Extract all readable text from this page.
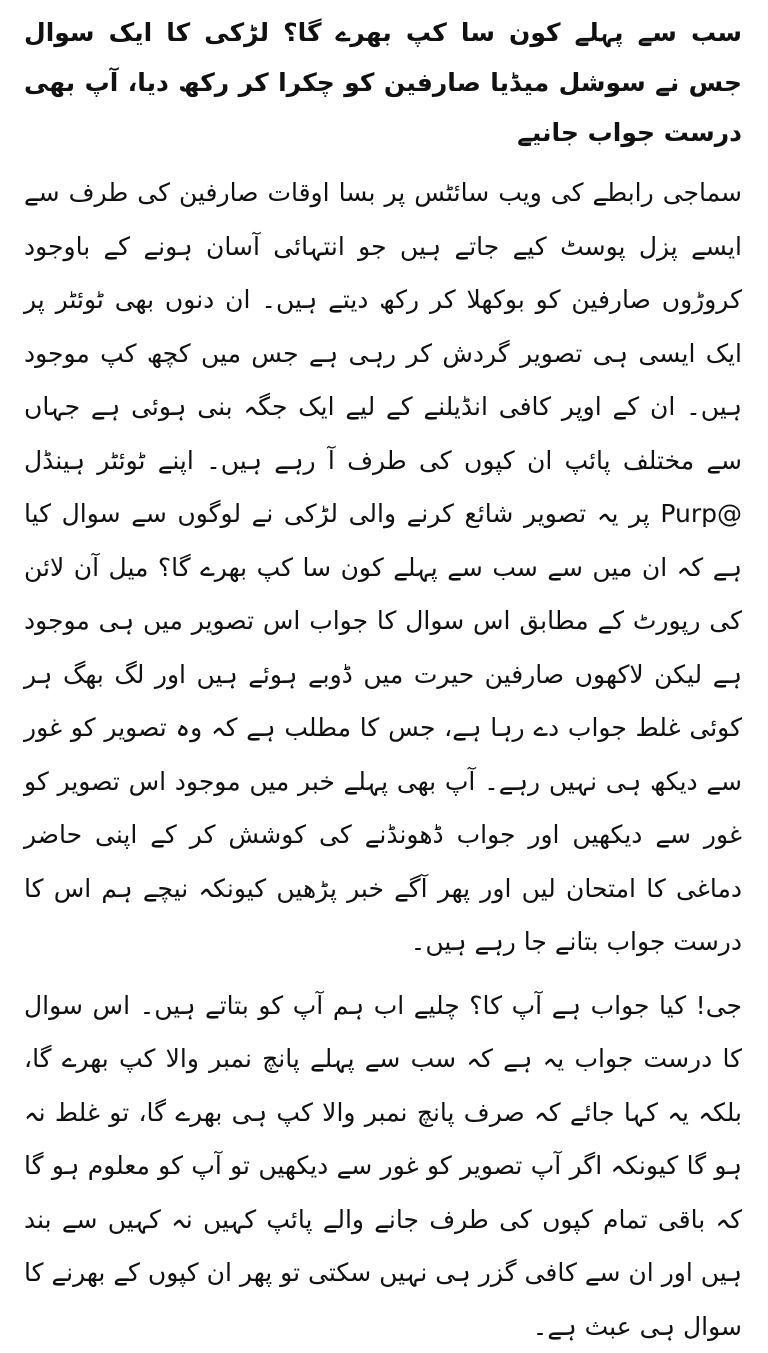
سب سے پہلے کون سا کپ بھرے گا؟ لڑکی کا ایک سوال جس نے سوشل میڈیا صارفین کو چکرا کر رکھ دیا، آپ بھی درست جواب جانیے

سماجی رابطے کی ویب سائٹس پر بسا اوقات صارفین کی طرف سے ایسے پزل پوسٹ کیے جاتے ہیں جو انتہائی آسان ہونے کے باوجود کروڑوں صارفین کو بوکھلا کر رکھ دیتے ہیں۔ ان دنوں بھی ٹوئٹر پر ایک ایسی ہی تصویر گردش کر رہی ہے جس میں کچھ کپ موجود ہیں۔ ان کے اوپر کافی انڈیلنے کے لیے ایک جگہ بنی ہوئی ہے جہاں سے مختلف پائپ ان کپوں کی طرف آ رہے ہیں۔ اپنے ٹوئٹر ہینڈل @Purp پر یہ تصویر شائع کرنے والی لڑکی نے لوگوں سے سوال کیا ہے کہ ان میں سے سب سے پہلے کون سا کپ بھرے گا؟ میل آن لائن کی رپورٹ کے مطابق اس سوال کا جواب اس تصویر میں ہی موجود ہے لیکن لاکھوں صارفین حیرت میں ڈوبے ہوئے ہیں اور لگ بھگ ہر کوئی غلط جواب دے رہا ہے، جس کا مطلب ہے کہ وہ تصویر کو غور سے دیکھ ہی نہیں رہے۔ آپ بھی پہلے خبر میں موجود اس تصویر کو غور سے دیکھیں اور جواب ڈھونڈنے کی کوشش کر کے اپنی حاضر دماغی کا امتحان لیں اور پھر آگے خبر پڑھیں کیونکہ نیچے ہم اس کا درست جواب بتانے جا رہے ہیں۔

جی! کیا جواب ہے آپ کا؟ چلیے اب ہم آپ کو بتاتے ہیں۔ اس سوال کا درست جواب یہ ہے کہ سب سے پہلے پانچ نمبر والا کپ بھرے گا، بلکہ یہ کہا جائے کہ صرف پانچ نمبر والا کپ ہی بھرے گا، تو غلط نہ ہو گا کیونکہ اگر آپ تصویر کو غور سے دیکھیں تو آپ کو معلوم ہو گا کہ باقی تمام کپوں کی طرف جانے والے پائپ کہیں نہ کہیں سے بند ہیں اور ان سے کافی گزر ہی نہیں سکتی تو پھر ان کپوں کے بھرنے کا سوال ہی عبث ہے۔
